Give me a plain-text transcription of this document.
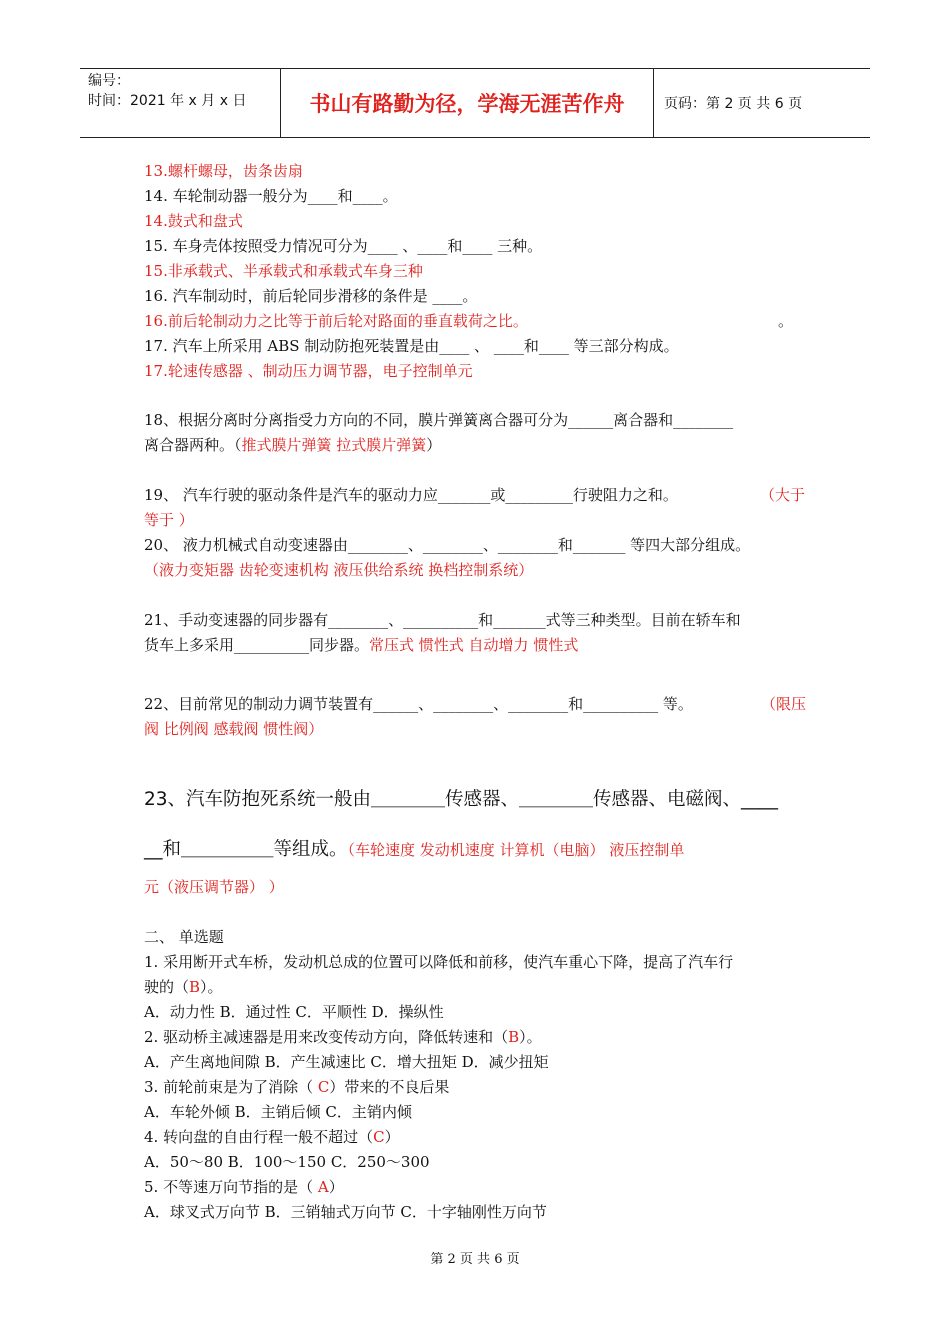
编号：
时间：2021 年 x 月 x 日	书山有路勤为径，学海无涯苦作舟	页码：第 2 页 共 6 页
13.螺杆螺母，齿条齿扇
14. 车轮制动器一般分为____和____。
14.鼓式和盘式
15. 车身壳体按照受力情况可分为____ 、____和____ 三种。
15.非承载式、半承载式和承载式车身三种
16. 汽车制动时，前后轮同步滑移的条件是 ____。
16.前后轮制动力之比等于前后轮对路面的垂直载荷之比。	。
17. 汽车上所采用 ABS 制动防抱死装置是由____ 、 ____和____ 等三部分构成。
17.轮速传感器 、制动压力调节器，电子控制单元
18、根据分离时分离指受力方向的不同，膜片弹簧离合器可分为______离合器和________
离合器两种。（推式膜片弹簧 拉式膜片弹簧）
19、 汽车行驶的驱动条件是汽车的驱动力应_______或_________行驶阻力之和。	（大于
等于 ）
20、 液力机械式自动变速器由________、________、________和_______ 等四大部分组成。
（液力变矩器 齿轮变速机构 液压供给系统 换档控制系统）
21、手动变速器的同步器有________、__________和_______式等三种类型。目前在轿车和
货车上多采用__________同步器。常压式 惯性式 自动增力 惯性式
22、目前常见的制动力调节装置有______、________、________和__________ 等。	（限压
阀 比例阀 感载阀 惯性阀）
23、汽车防抱死系统一般由＿＿＿＿传感器、＿＿＿＿传感器、电磁阀、____
__和＿＿＿＿＿等组成。（车轮速度 发动机速度 计算机（电脑） 液压控制单
元（液压调节器） ）
二、 单选题
1. 采用断开式车桥，发动机总成的位置可以降低和前移，使汽车重心下降，提高了汽车行
驶的（B）。
A．动力性 B．通过性 C．平顺性 D．操纵性
2. 驱动桥主减速器是用来改变传动方向，降低转速和（B）。
A．产生离地间隙 B．产生减速比 C．增大扭矩 D．减少扭矩
3. 前轮前束是为了消除（ C）带来的不良后果
A．车轮外倾 B．主销后倾 C．主销内倾
4. 转向盘的自由行程一般不超过（C）
A．50～80 B．100～150 C．250～300
5. 不等速万向节指的是（ A）
A．球叉式万向节 B．三销轴式万向节 C．十字轴刚性万向节
第 2 页 共 6 页
